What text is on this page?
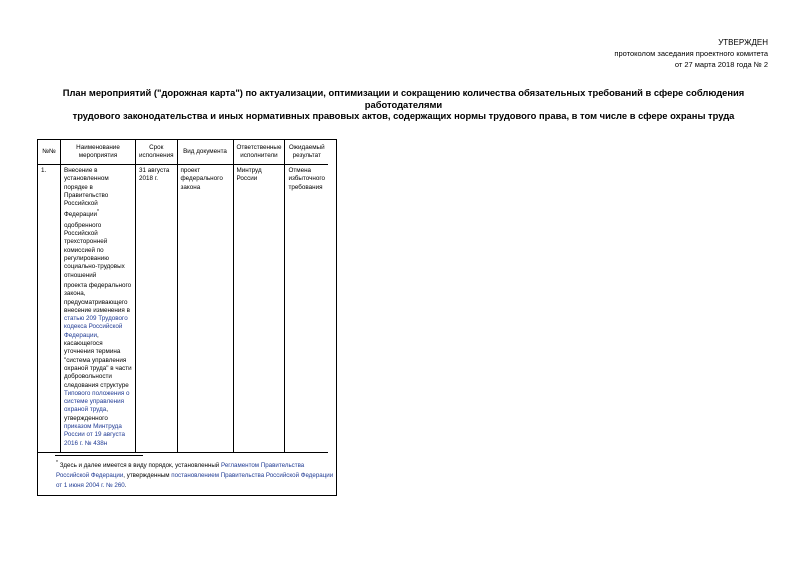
УТВЕРЖДЕН
протоколом заседания проектного комитета
от 27 марта 2018 года № 2
План мероприятий ("дорожная карта") по актуализации, оптимизации и сокращению количества обязательных требований в сфере соблюдения работодателями
трудового законодательства и иных нормативных правовых актов, содержащих нормы трудового права, в том числе в сфере охраны труда
№№	Наименование мероприятия	Срок исполнения	Вид документа	Ответственные исполнители	Ожидаемый результат
1.	Внесение в установленном порядке в Правительство Российской Федерации*
одобренного Российской трехсторонней комиссией по регулированию социально-трудовых отношений
проекта федерального закона, предусматривающего внесение изменения в статью 209 Трудового кодекса Российской Федерации, касающегося уточнения термина "система управления охраной труда" в части добровольности следования структуре Типового положения о системе управления охраной труда, утвержденного приказом Минтруда России от 19 августа 2016 г. № 438н	31 августа 2018 г.	проект федерального закона	Минтруд России	Отмена избыточного требования
* Здесь и далее имеется в виду порядок, установленный Регламентом Правительства Российской Федерации, утвержденным постановлением Правительства Российской Федерации от 1 июня 2004 г. № 260.
